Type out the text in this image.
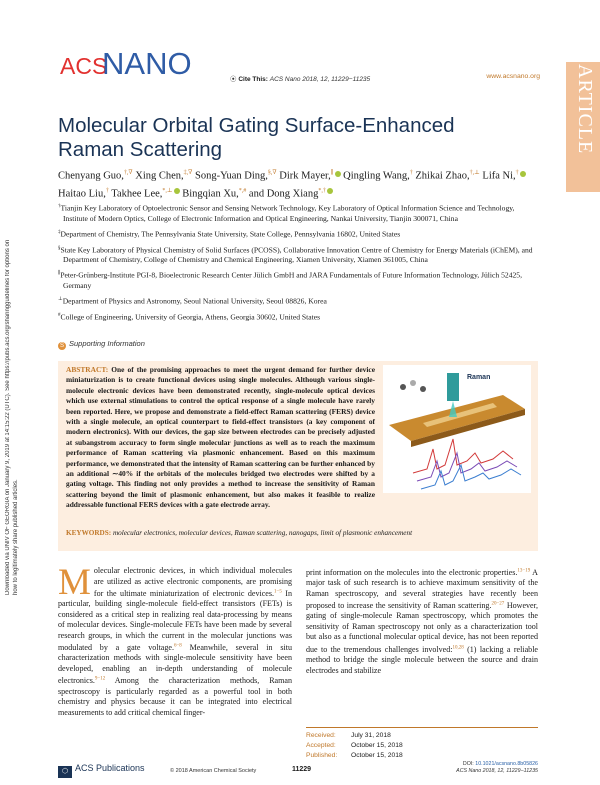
ACS
NANO	⦿ Cite This: ACS Nano 2018, 12, 11229−11235	www.acsnano.org ARTICLE
Downloaded via UNIV OF GEORGIA on January 9, 2019 at 14:15:22 (UTC). See https://pubs.acs.org/sharingguidelines for options on how to legitimately share published articles.
Molecular Orbital Gating Surface-Enhanced Raman Scattering
Chenyang Guo,†,∇ Xing Chen,‡,∇ Song-Yuan Ding,§,∇ Dirk Mayer,∥ Qingling Wang,† Zhikai Zhao,†,⊥ Lifa Ni,† Haitao Liu,† Takhee Lee,*,⊥ Bingqian Xu,*,# and Dong Xiang*,†

†Tianjin Key Laboratory of Optoelectronic Sensor and Sensing Network Technology, Key Laboratory of Optical Information Science and Technology, Institute of Modern Optics, College of Electronic Information and Optical Engineering, Nankai University, Tianjin 300071, China

‡Department of Chemistry, The Pennsylvania State University, State College, Pennsylvania 16802, United States

§State Key Laboratory of Physical Chemistry of Solid Surfaces (PCOSS), Collaborative Innovation Centre of Chemistry for Energy Materials (iChEM), and Department of Chemistry, College of Chemistry and Chemical Engineering, Xiamen University, Xiamen 361005, China

∥Peter-Grünberg-Institute PGI-8, Bioelectronic Research Center Jülich GmbH and JARA Fundamentals of Future Information Technology, Jülich 52425, Germany

⊥Department of Physics and Astronomy, Seoul National University, Seoul 08826, Korea

#College of Engineering, University of Georgia, Athens, Georgia 30602, United States

S Supporting Information
Raman
ABSTRACT: One of the promising approaches to meet the urgent demand for further device miniaturization is to create functional devices using single molecules. Although various single-molecule electronic devices have been demonstrated recently, single-molecule optical devices which use external stimulations to control the optical response of a single molecule have rarely been reported. Here, we propose and demonstrate a field-effect Raman scattering (FERS) device with a single molecule, an optical counterpart to field-effect transistors (a key component of modern electronics). With our devices, the gap size between electrodes can be precisely adjusted at subangstrom accuracy to form single molecular junctions as well as to reach the maximum performance of Raman scattering via plasmonic enhancement. Based on this maximum performance, we demonstrated that the intensity of Raman scattering can be further enhanced by an additional ∼40% if the orbitals of the molecules bridged two electrodes were shifted by a gating voltage. This finding not only provides a method to increase the sensitivity of Raman scattering beyond the limit of plasmonic enhancement, but also makes it feasible to realize addressable functional FERS devices with a gate electrode array.
KEYWORDS: molecular electronics, molecular devices, Raman scattering, nanogaps, limit of plasmonic enhancement
Molecular electronic devices, in which individual molecules are utilized as active electronic components, are promising for the ultimate miniaturization of electronic devices.$^{1-5}$ In particular, building single-molecule field-effect transistors (FETs) is considered as a critical step in realizing real data-processing by means of molecular devices. Single-molecule FETs have been made by several research groups, in which the current in the molecular junctions was modulated by a gate voltage.$^{6-8}$ Meanwhile, several in situ characterization methods with single-molecule sensitivity have been developed, enabling an in-depth understanding of molecule electronics.$^{9-12}$ Among the characterization methods, Raman spectroscopy is particularly regarded as a powerful tool in both chemistry and physics because it can be integrated into electrical measurements to add critical chemical finger-
print information on the molecules into the electronic properties.$^{13-19}$ A major task of such research is to achieve maximum sensitivity of the Raman spectroscopy, and several strategies have recently been proposed to increase the sensitivity of Raman scattering.$^{20-27}$ However, gating of single-molecule Raman spectroscopy, which promotes the sensitivity of Raman spectroscopy not only as a characterization tool but also as a functional molecular optical device, has not been reported due to the tremendous challenges involved:$^{10,28}$ (1) lacking a reliable method to bridge the single molecule between the source and drain electrodes and stabilize
Received: July 31, 2018
Accepted: October 15, 2018
Published: October 15, 2018
⬡ ACS Publications	© 2018 American Chemical Society	11229
DOI: 10.1021/acsnano.8b05826
ACS Nano 2018, 12, 11229−11235
